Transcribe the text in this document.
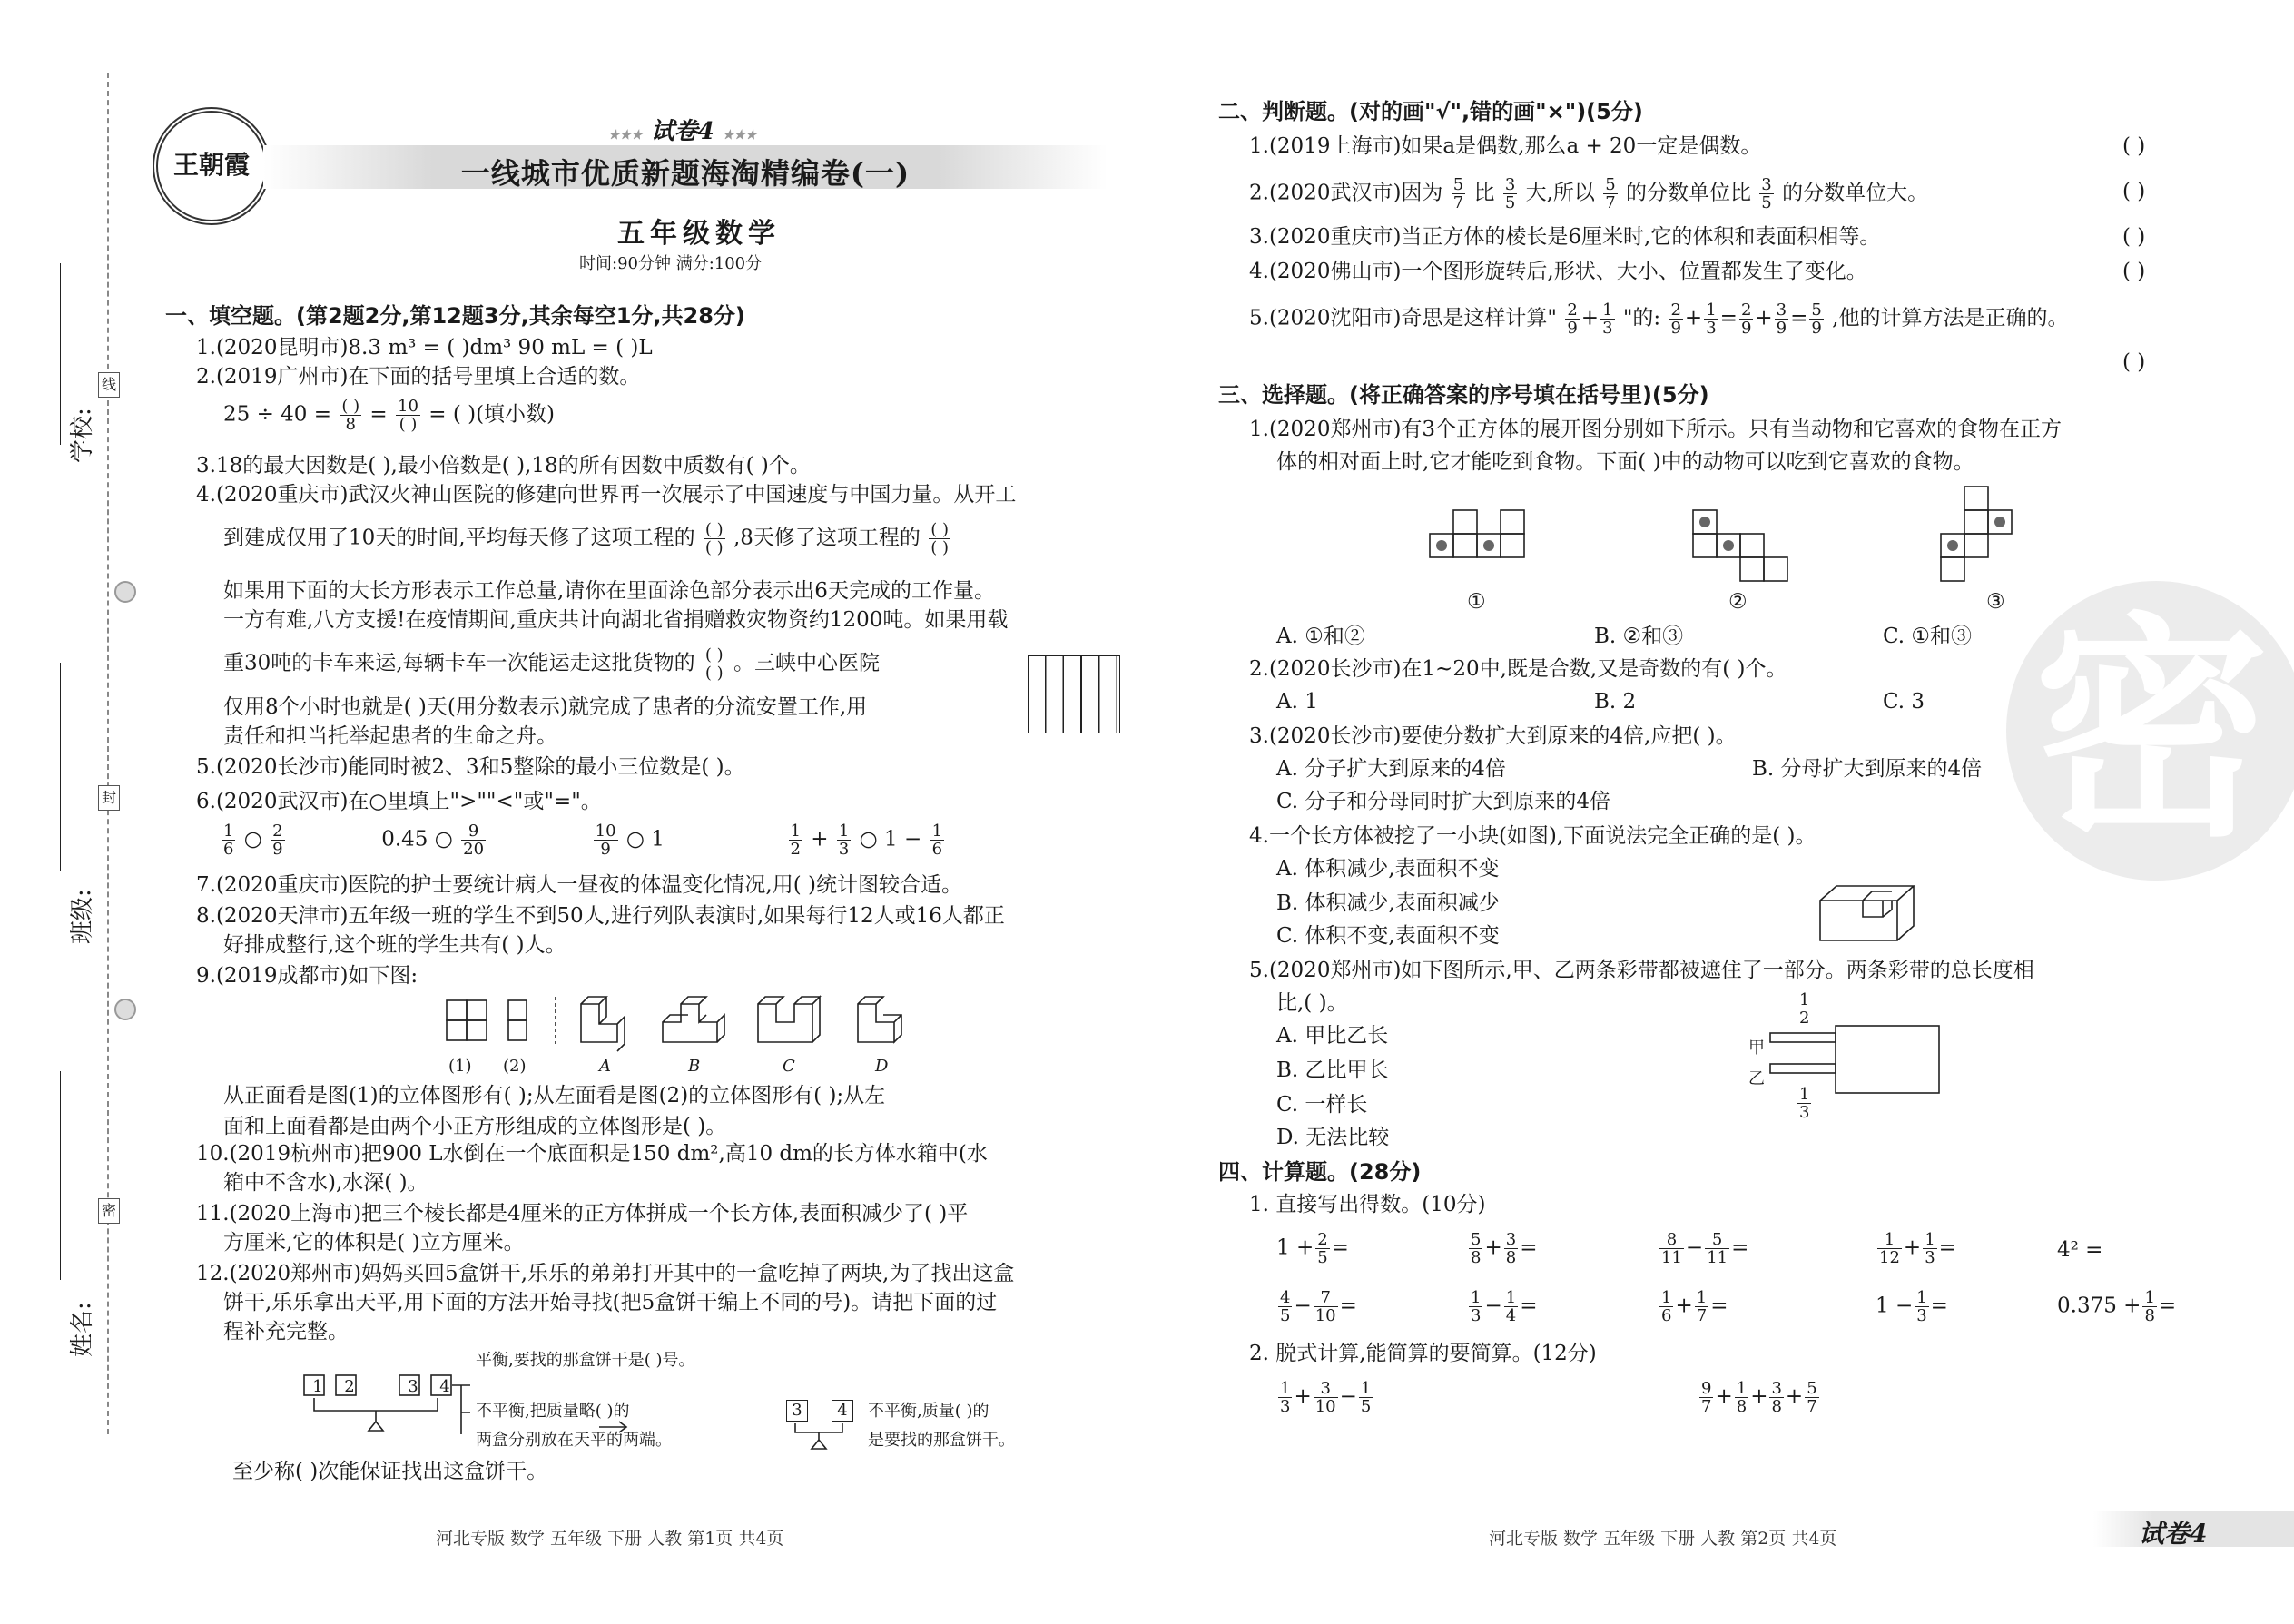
学校:
班级:
姓名:
线
封
密
王朝霞
★★★ 试卷4 ★★★
一线城市优质新题海淘精编卷(一)
五年级数学
时间:90分钟 满分:100分
一、填空题。(第2题2分,第12题3分,其余每空1分,共28分)
1.(2020昆明市)8.3 m³ = ( )dm³ 90 mL = ( )L
2.(2019广州市)在下面的括号里填上合适的数。
$25 \div 40 = \frac{( )}{8} = \frac{10}{( )}$ = ( )(填小数)
3.18的最大因数是( ),最小倍数是( ),18的所有因数中质数有( )个。
4.(2020重庆市)武汉火神山医院的修建向世界再一次展示了中国速度与中国力量。从开工
到建成仅用了10天的时间,平均每天修了这项工程的 $\frac{( )}{( )} ,8$天修了这项工程的 $\frac{( )}{( )}$
如果用下面的大长方形表示工作总量,请你在里面涂色部分表示出6天完成的工作量。
一方有难,八方支援!在疫情期间,重庆共计向湖北省捐赠救灾物资约1200吨。如果用载
重30吨的卡车来运,每辆卡车一次能运走这批货物的 $\frac{( )}{( )}$ 。三峡中心医院
仅用8个小时也就是( )天(用分数表示)就完成了患者的分流安置工作,用
责任和担当托举起患者的生命之舟。
5.(2020长沙市)能同时被2、3和5整除的最小三位数是( )。
6.(2020武汉市)在○里填上">""<"或"="。
$\frac{1}{6}$ ○ $\frac{2}{9}$	0.45 ○ $\frac{9}{20}$
	$\frac{10}{9}$ ○ 1	$\frac{1}{2} + \frac{1}{3}$ ○ $1 - \frac{1}{6}$
7.(2020重庆市)医院的护士要统计病人一昼夜的体温变化情况,用( )统计图较合适。
8.(2020天津市)五年级一班的学生不到50人,进行列队表演时,如果每行12人或16人都正
好排成整行,这个班的学生共有( )人。
9.(2019成都市)如下图:
(1) (2)	A	B	C	D
从正面看是图(1)的立体图形有( );从左面看是图(2)的立体图形有( );从左
面和上面看都是由两个小正方形组成的立体图形是( )。
10.(2019杭州市)把900 L水倒在一个底面积是150 dm²,高10 dm的长方体水箱中(水
箱中不含水),水深( )。
11.(2020上海市)把三个棱长都是4厘米的正方体拼成一个长方体,表面积减少了( )平
方厘米,它的体积是( )立方厘米。
12.(2020郑州市)妈妈买回5盒饼干,乐乐的弟弟打开其中的一盒吃掉了两块,为了找出这盒
饼干,乐乐拿出天平,用下面的方法开始寻找(把5盒饼干编上不同的号)。请把下面的过
程补充完整。
1 2	3 4
平衡,要找的那盒饼干是( )号。
不平衡,把质量略( )的
两盒分别放在天平的两端。
3	4	不平衡,质量( )的
是要找的那盒饼干。
至少称( )次能保证找出这盒饼干。
二、判断题。(对的画"√",错的画"×")(5分)
1.(2019上海市)如果a是偶数,那么a + 20一定是偶数。	( )
2.(2020武汉市)因为 $\frac{5}{7}$ 比 $\frac{3}{5}$ 大,所以 $\frac{5}{7}$ 的分数单位比 $\frac{3}{5}$ 的分数单位大。	( )
3.(2020重庆市)当正方体的棱长是6厘米时,它的体积和表面积相等。	( )
4.(2020佛山市)一个图形旋转后,形状、大小、位置都发生了变化。	( )
5.(2020沈阳市)奇思是这样计算" $\frac{2}{9} + \frac{1}{3}$ "的: $\frac{2}{9} + \frac{1}{3} = \frac{2}{9} + \frac{3}{9} = \frac{5}{9}$ ,他的计算方法是正确的。
( )
三、选择题。(将正确答案的序号填在括号里)(5分)
1.(2020郑州市)有3个正方体的展开图分别如下所示。只有当动物和它喜欢的食物在正方
体的相对面上时,它才能吃到食物。下面( )中的动物可以吃到它喜欢的食物。
①	②	③
A. ①和②	B. ②和③	C. ①和③
2.(2020长沙市)在1~20中,既是合数,又是奇数的有( )个。
A. 1	B. 2	C. 3
3.(2020长沙市)要使分数扩大到原来的4倍,应把( )。
A. 分子扩大到原来的4倍	B. 分母扩大到原来的4倍
C. 分子和分母同时扩大到原来的4倍
4.一个长方体被挖了一小块(如图),下面说法完全正确的是( )。
A. 体积减少,表面积不变
B. 体积减少,表面积减少
C. 体积不变,表面积不变
5.(2020郑州市)如下图所示,甲、乙两条彩带都被遮住了一部分。两条彩带的总长度相
比,( )。
A. 甲比乙长
B. 乙比甲长
C. 一样长
D. 无法比较
甲
乙
$\frac{1}{2}$
$\frac{1}{3}$
四、计算题。(28分)
1. 直接写出得数。(10分)
$1 + \frac{2}{5}$ =	$\frac{5}{8} + \frac{3}{8}$ =	$\frac{8}{11} - \frac{5}{11}$ =	$\frac{1}{12} + \frac{1}{3}$ =	4² =
$\frac{4}{5} - \frac{7}{10}$ =	$\frac{1}{3} - \frac{1}{4}$ =	$\frac{1}{6} + \frac{1}{7}$ =	$1 - \frac{1}{3}$ =	$0.375 + \frac{1}{8}$ =
2. 脱式计算,能简算的要简算。(12分)
$\frac{1}{3} + \frac{3}{10} - \frac{1}{5}$	$\frac{9}{7} + \frac{1}{8} + \frac{3}{8} + \frac{5}{7}$
密
河北专版 数学 五年级 下册 人教 第1页 共4页	河北专版 数学 五年级 下册 人教 第2页 共4页	试卷4
